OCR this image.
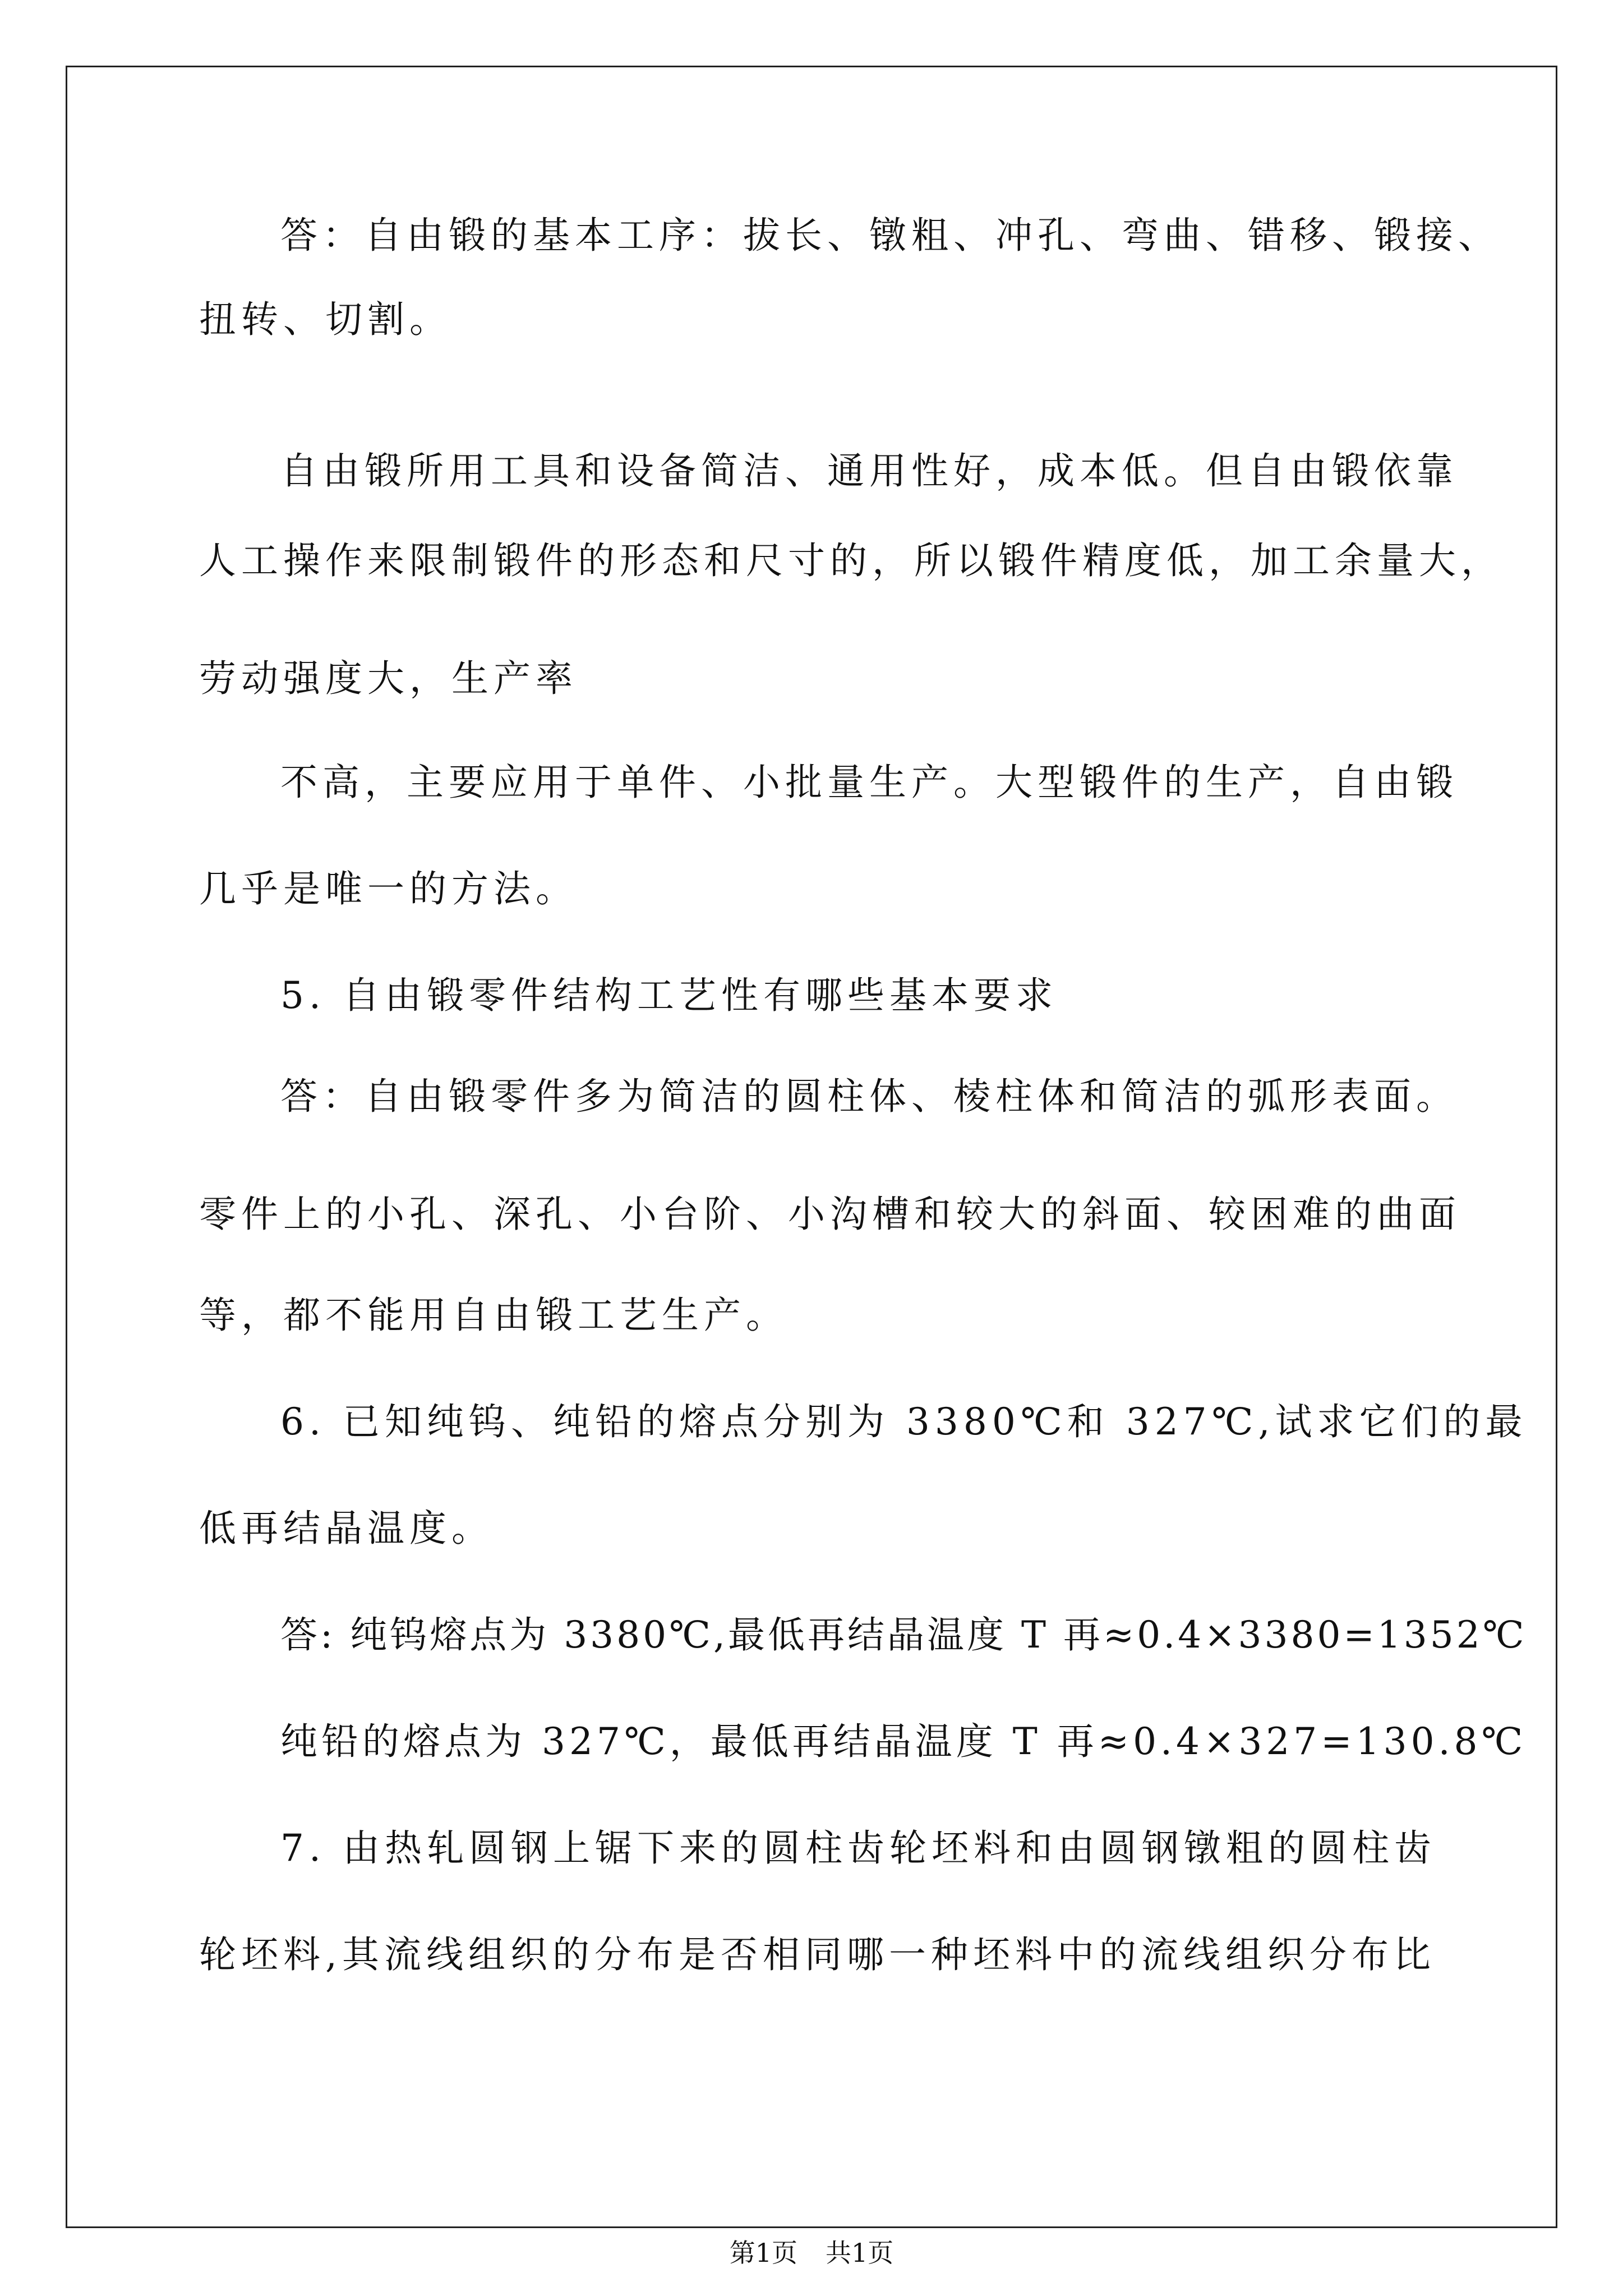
答：自由锻的基本工序：拔长、镦粗、冲孔、弯曲、错移、锻接、
扭转、切割。
自由锻所用工具和设备简洁、通用性好，成本低。但自由锻依靠
人工操作来限制锻件的形态和尺寸的，所以锻件精度低，加工余量大，
劳动强度大，生产率
不高，主要应用于单件、小批量生产。大型锻件的生产，自由锻
几乎是唯一的方法。
5. 自由锻零件结构工艺性有哪些基本要求
答：自由锻零件多为简洁的圆柱体、棱柱体和简洁的弧形表面。
零件上的小孔、深孔、小台阶、小沟槽和较大的斜面、较困难的曲面
等，都不能用自由锻工艺生产。
6. 已知纯钨、纯铅的熔点分别为 3380℃和 327℃,试求它们的最
低再结晶温度。
答: 纯钨熔点为 3380℃,最低再结晶温度 T 再≈0.4×3380=1352℃
纯铅的熔点为 327℃，最低再结晶温度 T 再≈0.4×327=130.8℃
7. 由热轧圆钢上锯下来的圆柱齿轮坯料和由圆钢镦粗的圆柱齿
轮坯料,其流线组织的分布是否相同哪一种坯料中的流线组织分布比
第1页 共1页
